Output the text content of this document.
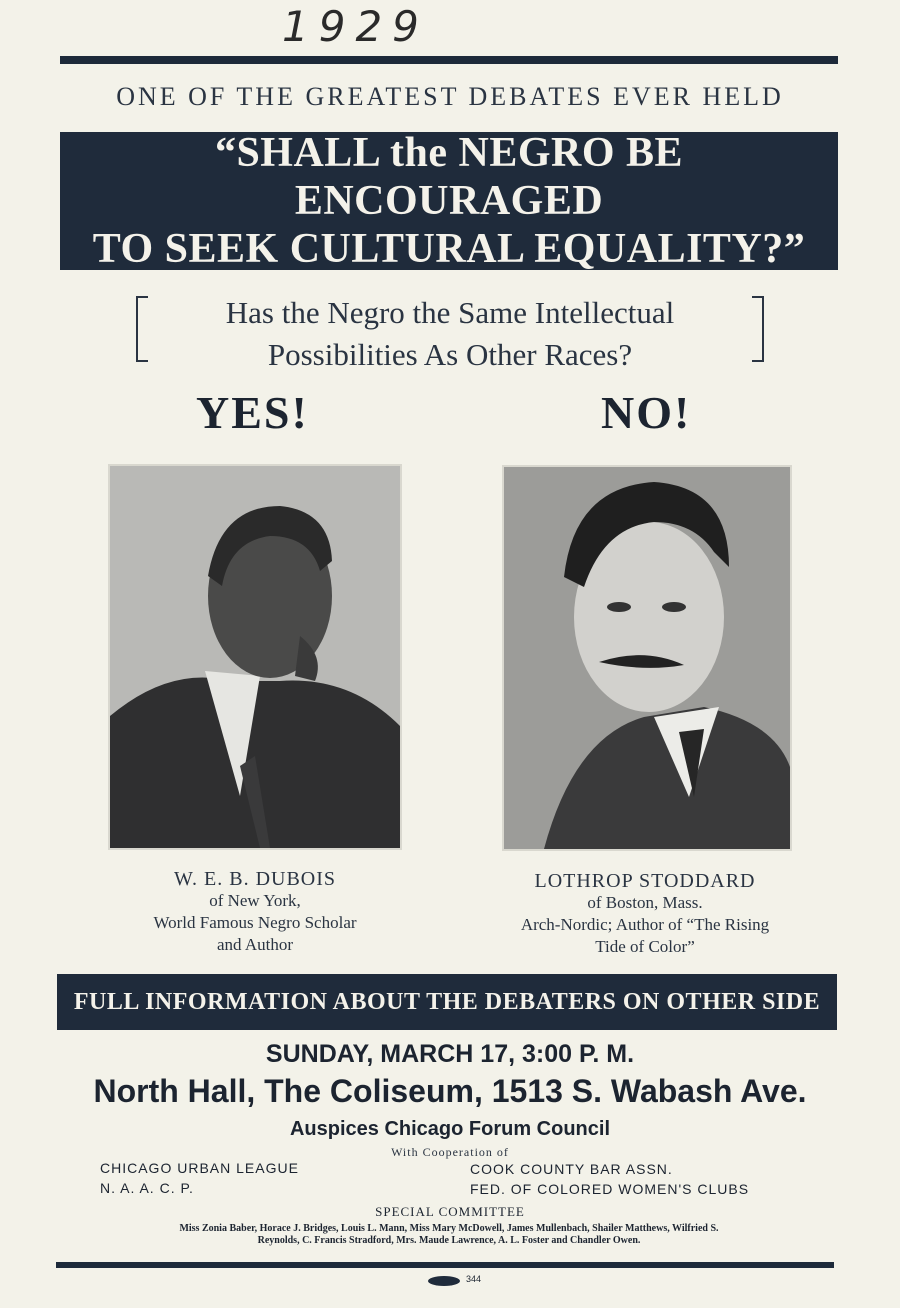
1929
ONE OF THE GREATEST DEBATES EVER HELD
“SHALL the NEGRO BE ENCOURAGED
TO SEEK CULTURAL EQUALITY?”
Has the Negro the Same Intellectual
Possibilities As Other Races?
YES!	NO!
W. E. B. DUBOIS
of New York,
World Famous Negro Scholar
and Author
LOTHROP STODDARD
of Boston, Mass.
Arch-Nordic; Author of “The Rising
Tide of Color”
FULL INFORMATION ABOUT THE DEBATERS ON OTHER SIDE
SUNDAY, MARCH 17, 3:00 P. M.
North Hall, The Coliseum, 1513 S. Wabash Ave.
Auspices Chicago Forum Council
With Cooperation of
CHICAGO URBAN LEAGUE
N. A. A. C. P.
COOK COUNTY BAR ASSN.
FED. OF COLORED WOMEN'S CLUBS
SPECIAL COMMITTEE
Miss Zonia Baber, Horace J. Bridges, Louis L. Mann, Miss Mary McDowell, James Mullenbach, Shailer Matthews, Wilfried S.
Reynolds, C. Francis Stradford, Mrs. Maude Lawrence, A. L. Foster and Chandler Owen.
344
